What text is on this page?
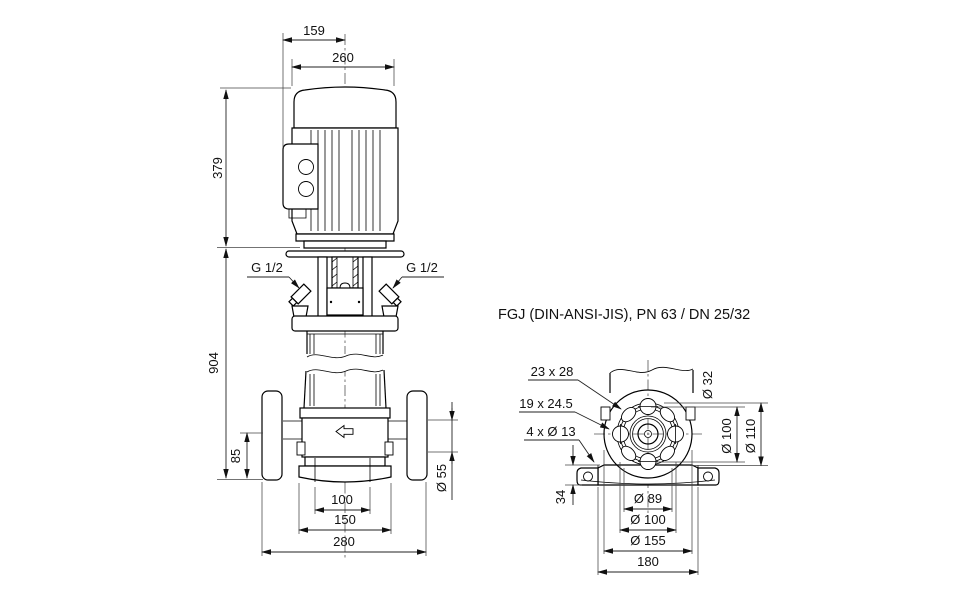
159
260
379
904
85
100
150
280
Ø 55
G 1/2	G 1/2
23 x 28
19 x 24.5
4 x Ø 13
Ø 32
Ø 100 Ø 110
34	Ø 89
Ø 100
Ø 155
180
FGJ (DIN-ANSI-JIS), PN 63 / DN 25/32
